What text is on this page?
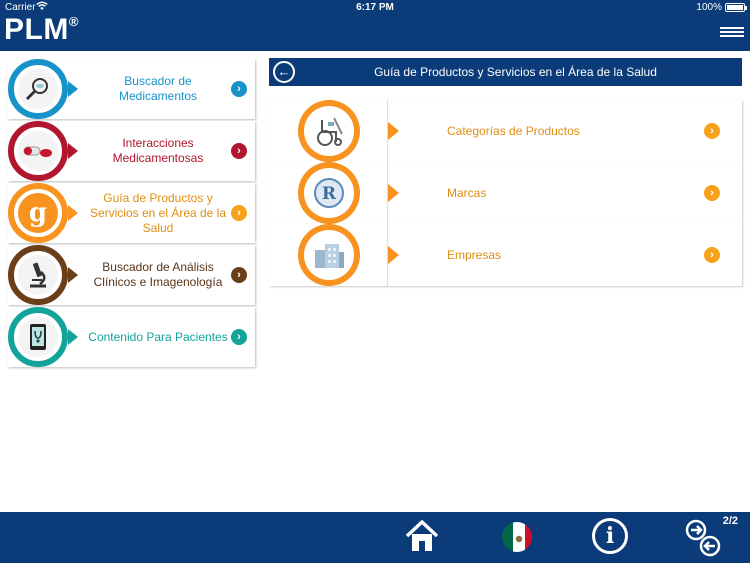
Carrier	6:17 PM	100%
PLM®
Buscador de Medicamentos	›
Interacciones Medicamentosas	›
g
Guía de Productos y Servicios en el Área de la Salud
›
Buscador de Análisis Clínicos e Imagenología	›
Contenido Para Pacientes ›
←	Guía de Productos y Servicios en el Área de la Salud
Categorías de Productos	›
R	Marcas	›
Empresas	›
i
2/2
